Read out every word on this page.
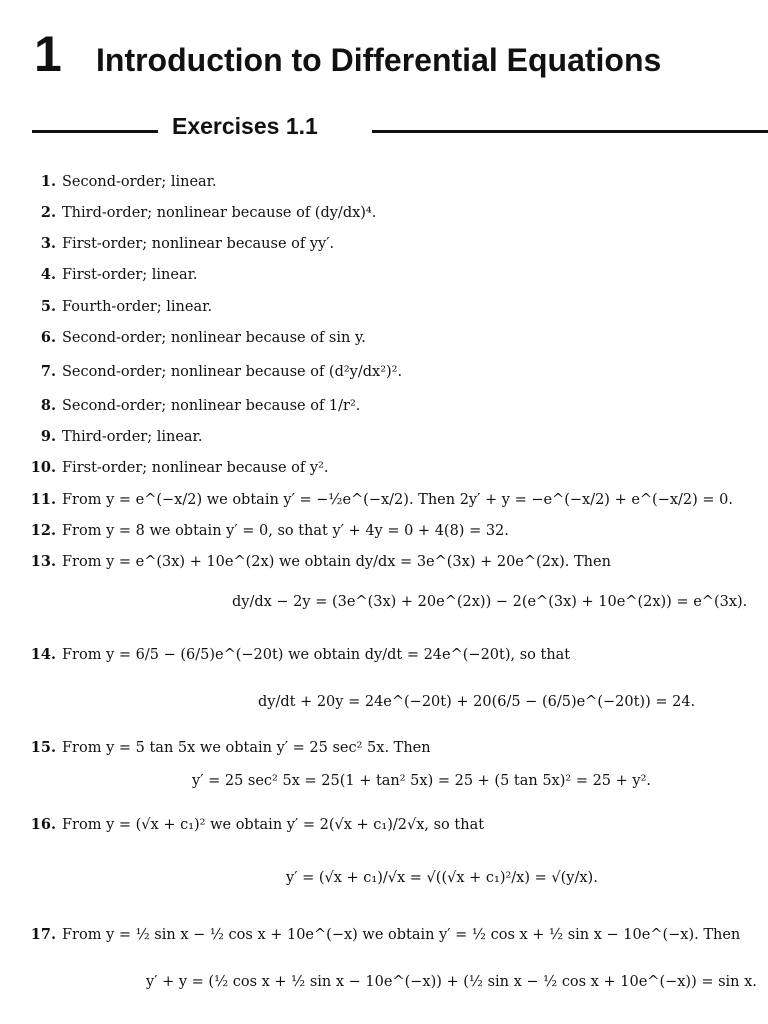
1 Introduction to Differential Equations
Exercises 1.1
1. Second-order; linear.
2. Third-order; nonlinear because of (dy/dx)⁴.
3. First-order; nonlinear because of yy′.
4. First-order; linear.
5. Fourth-order; linear.
6. Second-order; nonlinear because of sin y.
7. Second-order; nonlinear because of (d²y/dx²)².
8. Second-order; nonlinear because of 1/r².
9. Third-order; linear.
10. First-order; nonlinear because of y².
11. From y = e^(−x/2) we obtain y′ = −½e^(−x/2). Then 2y′ + y = −e^(−x/2) + e^(−x/2) = 0.
12. From y = 8 we obtain y′ = 0, so that y′ + 4y = 0 + 4(8) = 32.
13. From y = e^(3x) + 10e^(2x) we obtain dy/dx = 3e^(3x) + 20e^(2x). Then
dy/dx − 2y = (3e^(3x) + 20e^(2x)) − 2(e^(3x) + 10e^(2x)) = e^(3x).
14. From y = 6/5 − (6/5)e^(−20t) we obtain dy/dt = 24e^(−20t), so that
dy/dt + 20y = 24e^(−20t) + 20(6/5 − (6/5)e^(−20t)) = 24.
15. From y = 5 tan 5x we obtain y′ = 25 sec² 5x. Then
y′ = 25 sec² 5x = 25(1 + tan² 5x) = 25 + (5 tan 5x)² = 25 + y².
16. From y = (√x + c₁)² we obtain y′ = 2(√x + c₁)/2√x, so that
y′ = (√x + c₁)/√x = √((√x + c₁)²/x) = √(y/x).
17. From y = ½ sin x − ½ cos x + 10e^(−x) we obtain y′ = ½ cos x + ½ sin x − 10e^(−x). Then
y′ + y = (½ cos x + ½ sin x − 10e^(−x)) + (½ sin x − ½ cos x + 10e^(−x)) = sin x.
